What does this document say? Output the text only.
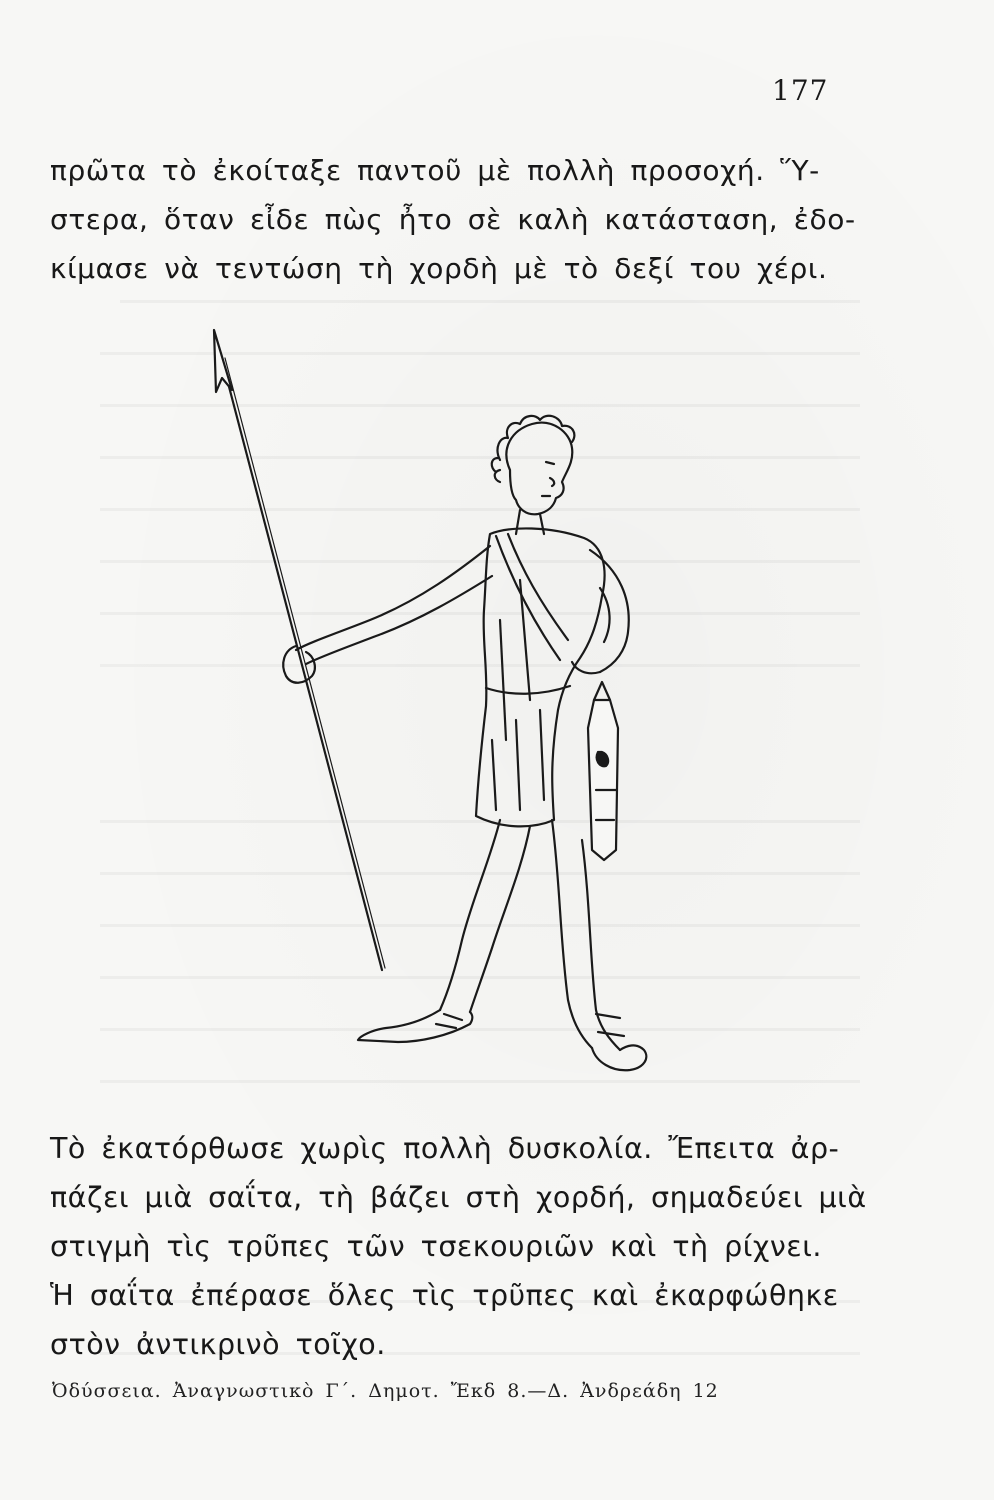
177
πρῶτα τὸ ἐκοίταξε παντοῦ μὲ πολλὴ προσοχή. Ὕ-
στερα, ὅταν εἶδε πὼς ἦτο σὲ καλὴ κατάσταση, ἐδο-
κίμασε νὰ τεντώση τὴ χορδὴ μὲ τὸ δεξί του χέρι.
Τὸ ἐκατόρθωσε χωρὶς πολλὴ δυσκολία. Ἔπειτα ἀρ-
πάζει μιὰ σαΐτα, τὴ βάζει στὴ χορδή, σημαδεύει μιὰ
στιγμὴ τὶς τρῦπες τῶν τσεκουριῶν καὶ τὴ ρίχνει.
Ἡ σαΐτα ἐπέρασε ὅλες τὶς τρῦπες καὶ ἐκαρφώθηκε
στὸν ἀντικρινὸ τοῖχο.
Ὀδύσσεια. Ἀναγνωστικὸ Γ΄. Δημοτ. Ἔκδ 8.—Δ. Ἀνδρεάδη 12
